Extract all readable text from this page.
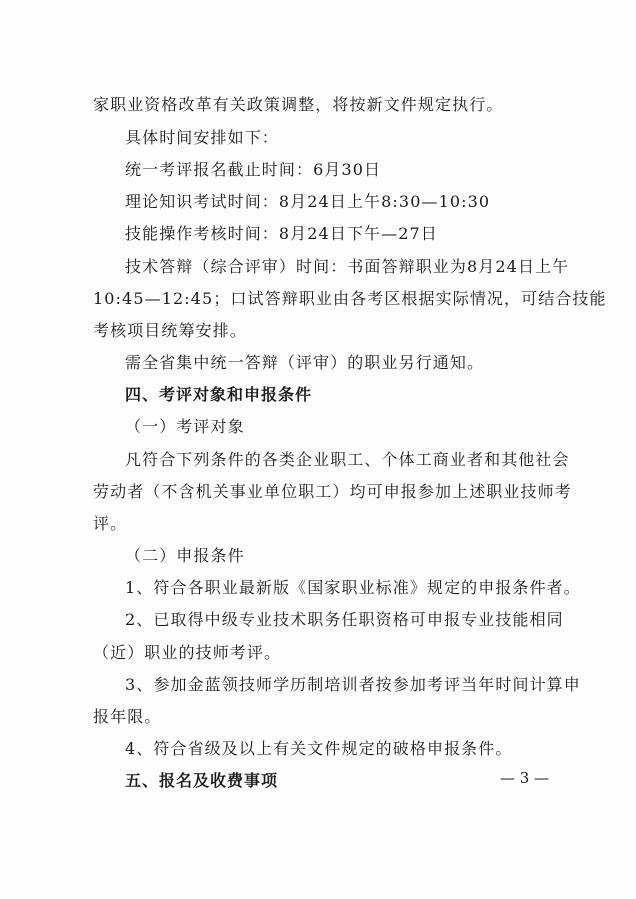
家职业资格改革有关政策调整，将按新文件规定执行。
具体时间安排如下：
统一考评报名截止时间：6月30日
理论知识考试时间：8月24日上午8:30—10:30
技能操作考核时间：8月24日下午—27日
技术答辩（综合评审）时间：书面答辩职业为8月24日上午
10:45—12:45；口试答辩职业由各考区根据实际情况，可结合技能
考核项目统筹安排。
需全省集中统一答辩（评审）的职业另行通知。
四、考评对象和申报条件
（一）考评对象
凡符合下列条件的各类企业职工、个体工商业者和其他社会
劳动者（不含机关事业单位职工）均可申报参加上述职业技师考
评。
（二）申报条件
1、符合各职业最新版《国家职业标准》规定的申报条件者。
2、已取得中级专业技术职务任职资格可申报专业技能相同
（近）职业的技师考评。
3、参加金蓝领技师学历制培训者按参加考评当年时间计算申
报年限。
4、符合省级及以上有关文件规定的破格申报条件。
五、报名及收费事项	— 3 —
